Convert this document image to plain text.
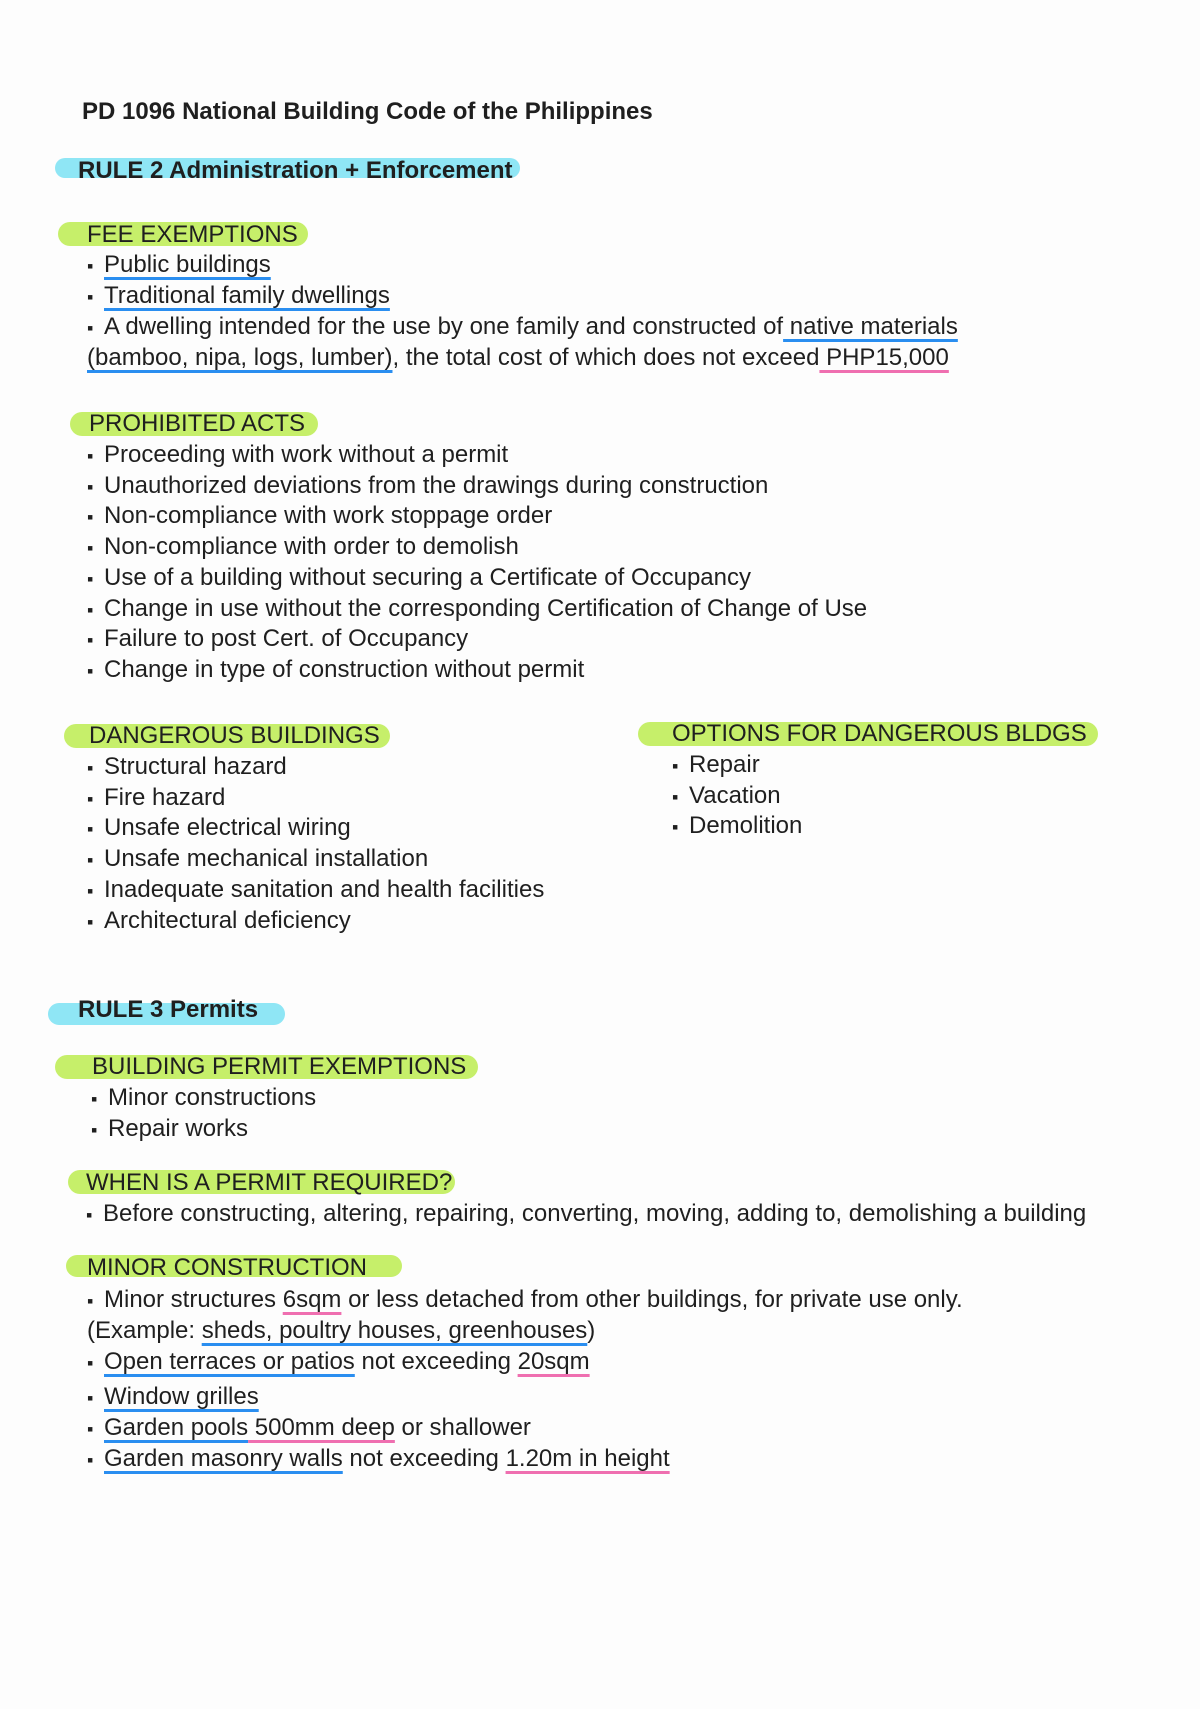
PD 1096 National Building Code of the Philippines
RULE 2 Administration + Enforcement
FEE EXEMPTIONS
▪ Public buildings
▪ Traditional family dwellings
▪ A dwelling intended for the use by one family and constructed of native materials
(bamboo, nipa, logs, lumber), the total cost of which does not exceed PHP15,000
PROHIBITED ACTS
▪ Proceeding with work without a permit
▪ Unauthorized deviations from the drawings during construction
▪ Non-compliance with work stoppage order
▪ Non-compliance with order to demolish
▪ Use of a building without securing a Certificate of Occupancy
▪ Change in use without the corresponding Certification of Change of Use
▪ Failure to post Cert. of Occupancy
▪ Change in type of construction without permit
DANGEROUS BUILDINGS
▪ Structural hazard
▪ Fire hazard
▪ Unsafe electrical wiring
▪ Unsafe mechanical installation
▪ Inadequate sanitation and health facilities
▪ Architectural deficiency
OPTIONS FOR DANGEROUS BLDGS
▪ Repair
▪ Vacation
▪ Demolition
RULE 3 Permits
BUILDING PERMIT EXEMPTIONS
▪ Minor constructions
▪ Repair works
WHEN IS A PERMIT REQUIRED?
▪ Before constructing, altering, repairing, converting, moving, adding to, demolishing a building
MINOR CONSTRUCTION
▪ Minor structures 6sqm or less detached from other buildings, for private use only.
(Example: sheds, poultry houses, greenhouses)
▪ Open terraces or patios not exceeding 20sqm
▪ Window grilles
▪ Garden pools 500mm deep or shallower
▪ Garden masonry walls not exceeding 1.20m in height
